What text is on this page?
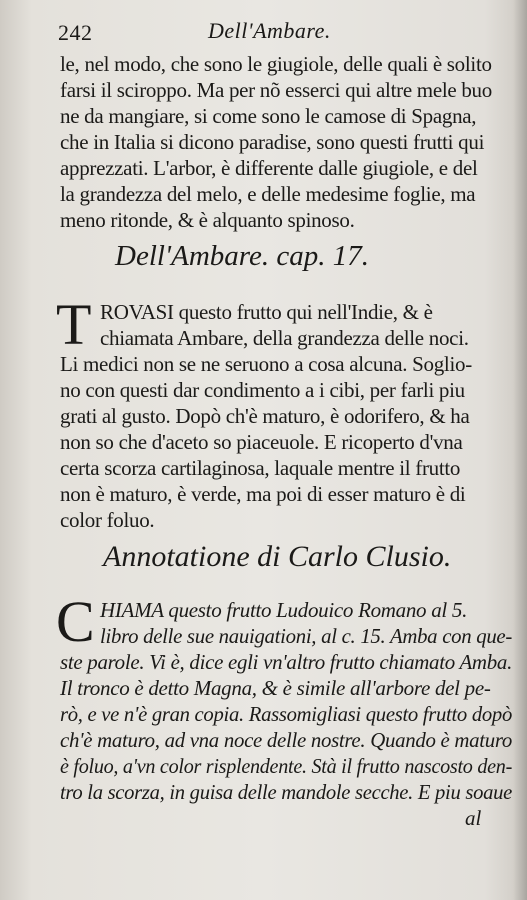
242	Dell'Ambare.
le, nel modo, che sono le giugiole, delle quali è solito
farsi il sciroppo. Ma per nõ esserci qui altre mele buo
ne da mangiare, si come sono le camose di Spagna,
che in Italia si dicono paradise, sono questi frutti qui
apprezzati. L'arbor, è differente dalle giugiole, e del
la grandezza del melo, e delle medesime foglie, ma
meno ritonde, & è alquanto spinoso.
Dell'Ambare. cap. 17.
T ROVASI questo frutto qui nell'Indie, & è
chiamata Ambare, della grandezza delle noci.
Li medici non se ne seruono a cosa alcuna. Soglio-
no con questi dar condimento a i cibi, per farli piu
grati al gusto. Dopò ch'è maturo, è odorifero, & ha
non so che d'aceto so piaceuole. E ricoperto d'vna
certa scorza cartilaginosa, laquale mentre il frutto
non è maturo, è verde, ma poi di esser maturo è di
color foluo.
Annotatione di Carlo Clusio.
C HIAMA questo frutto Ludouico Romano al 5.
libro delle sue nauigationi, al c. 15. Amba con que-
ste parole. Vi è, dice egli vn'altro frutto chiamato Amba.
Il tronco è detto Magna, & è simile all'arbore del pe-
rò, e ve n'è gran copia. Rassomigliasi questo frutto dopò
ch'è maturo, ad vna noce delle nostre. Quando è maturo
è foluo, a'vn color risplendente. Stà il frutto nascosto den-
tro la scorza, in guisa delle mandole secche. E piu soaue
al
